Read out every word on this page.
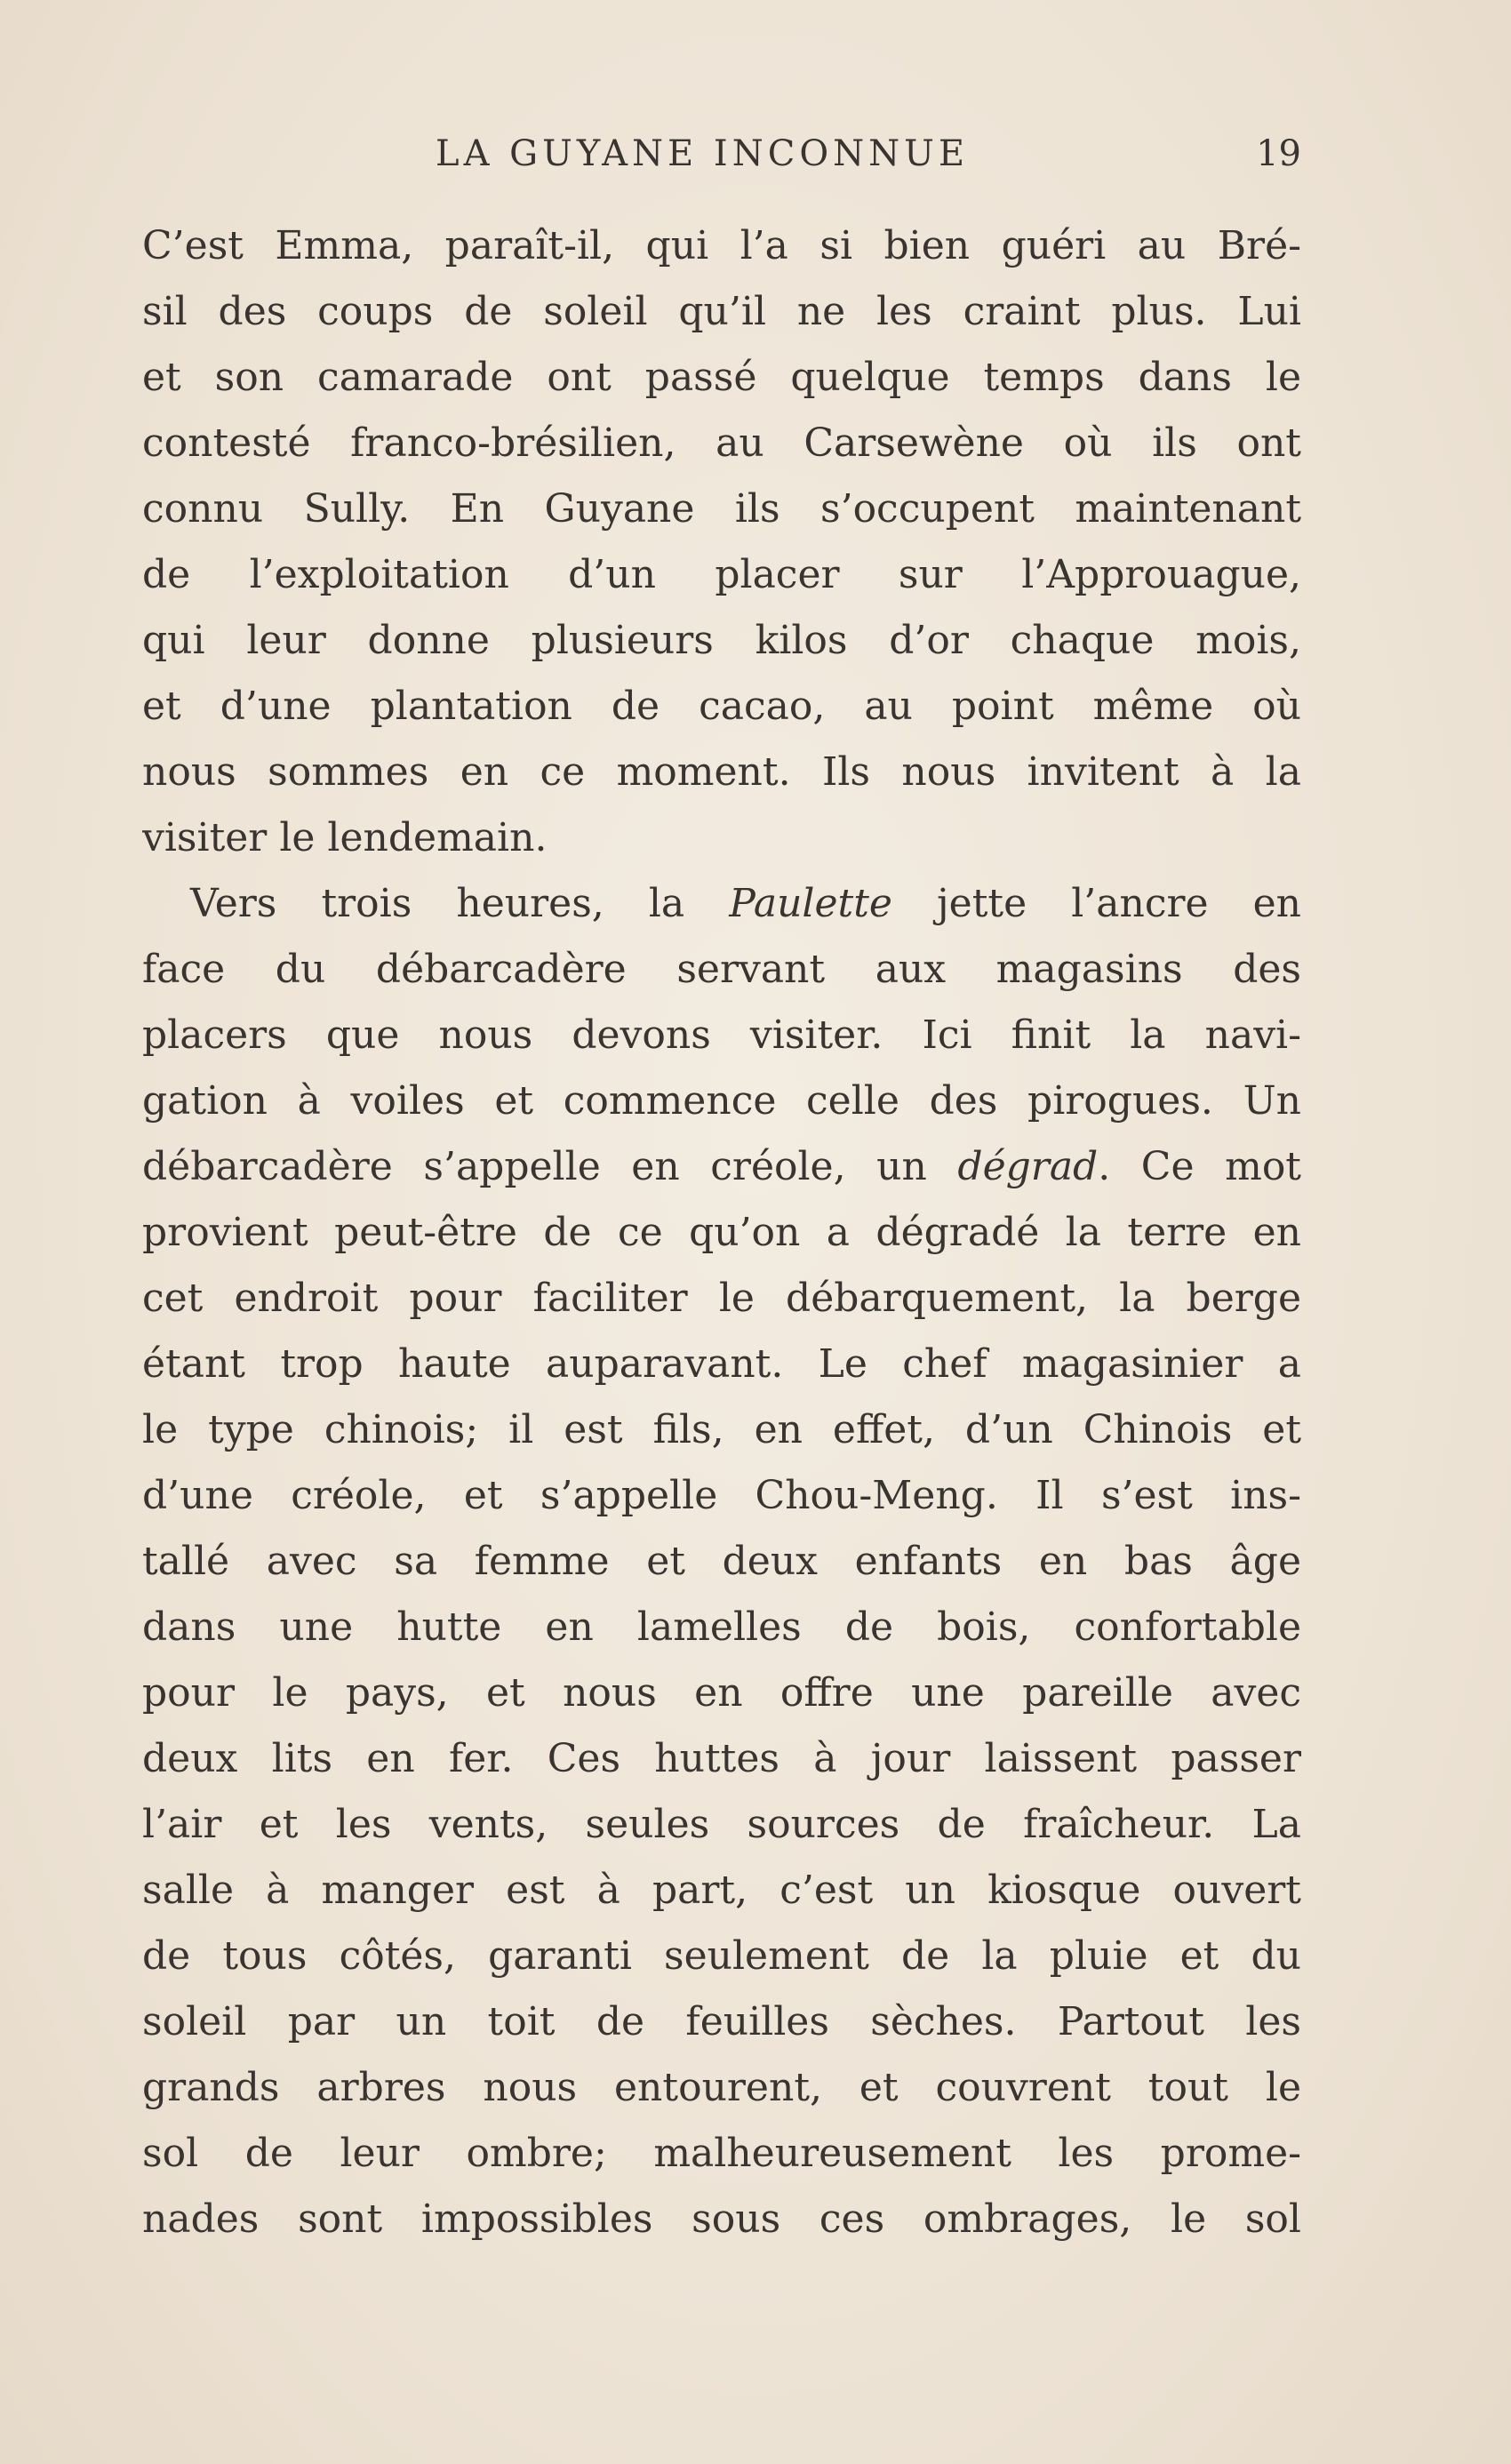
LA GUYANE INCONNUE	19
C’est Emma, paraît-il, qui l’a si bien guéri au Bré-
sil des coups de soleil qu’il ne les craint plus. Lui
et son camarade ont passé quelque temps dans le
contesté franco-brésilien, au Carsewène où ils ont
connu Sully. En Guyane ils s’occupent maintenant
de l’exploitation d’un placer sur l’Approuague,
qui leur donne plusieurs kilos d’or chaque mois,
et d’une plantation de cacao, au point même où
nous sommes en ce moment. Ils nous invitent à la
visiter le lendemain.
Vers trois heures, la Paulette jette l’ancre en
face du débarcadère servant aux magasins des
placers que nous devons visiter. Ici finit la navi-
gation à voiles et commence celle des pirogues. Un
débarcadère s’appelle en créole, un dégrad. Ce mot
provient peut-être de ce qu’on a dégradé la terre en
cet endroit pour faciliter le débarquement, la berge
étant trop haute auparavant. Le chef magasinier a
le type chinois; il est fils, en effet, d’un Chinois et
d’une créole, et s’appelle Chou-Meng. Il s’est ins-
tallé avec sa femme et deux enfants en bas âge
dans une hutte en lamelles de bois, confortable
pour le pays, et nous en offre une pareille avec
deux lits en fer. Ces huttes à jour laissent passer
l’air et les vents, seules sources de fraîcheur. La
salle à manger est à part, c’est un kiosque ouvert
de tous côtés, garanti seulement de la pluie et du
soleil par un toit de feuilles sèches. Partout les
grands arbres nous entourent, et couvrent tout le
sol de leur ombre; malheureusement les prome-
nades sont impossibles sous ces ombrages, le sol
